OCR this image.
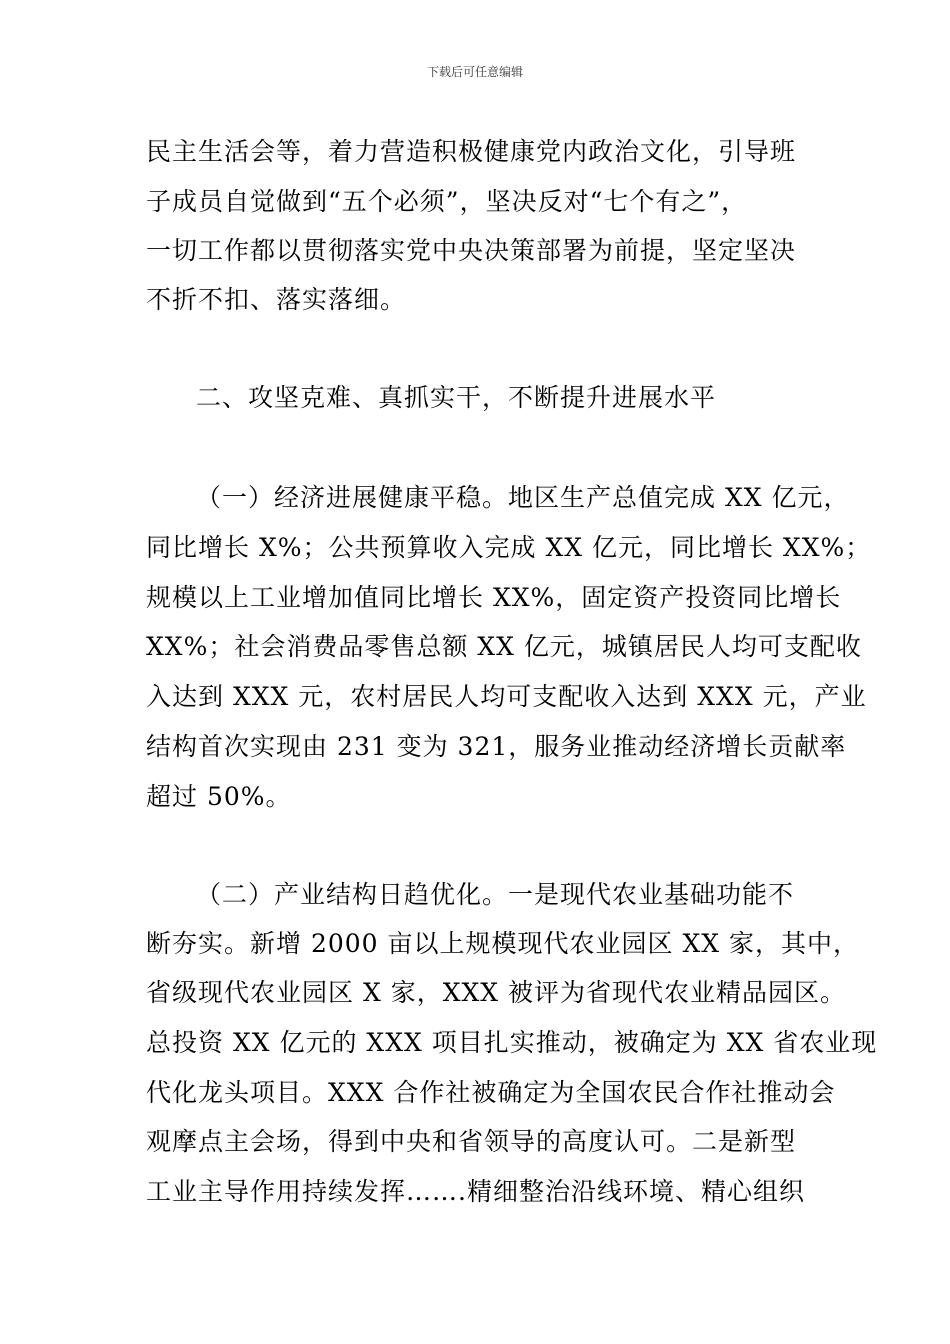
下载后可任意编辑
民主生活会等，着力营造积极健康党内政治文化，引导班
子成员自觉做到“五个必须”，坚决反对“七个有之”，
一切工作都以贯彻落实党中央决策部署为前提，坚定坚决
不折不扣、落实落细。
二、攻坚克难、真抓实干，不断提升进展水平
（一）经济进展健康平稳。地区生产总值完成 XX 亿元，
同比增长 X%；公共预算收入完成 XX 亿元，同比增长 XX%；
规模以上工业增加值同比增长 XX%，固定资产投资同比增长
XX%；社会消费品零售总额 XX 亿元，城镇居民人均可支配收
入达到 XXX 元，农村居民人均可支配收入达到 XXX 元，产业
结构首次实现由 231 变为 321，服务业推动经济增长贡献率
超过 50%。
（二）产业结构日趋优化。一是现代农业基础功能不
断夯实。新增 2000 亩以上规模现代农业园区 XX 家，其中，
省级现代农业园区 X 家，XXX 被评为省现代农业精品园区。
总投资 XX 亿元的 XXX 项目扎实推动，被确定为 XX 省农业现
代化龙头项目。XXX 合作社被确定为全国农民合作社推动会
观摩点主会场，得到中央和省领导的高度认可。二是新型
工业主导作用持续发挥…….精细整治沿线环境、精心组织
